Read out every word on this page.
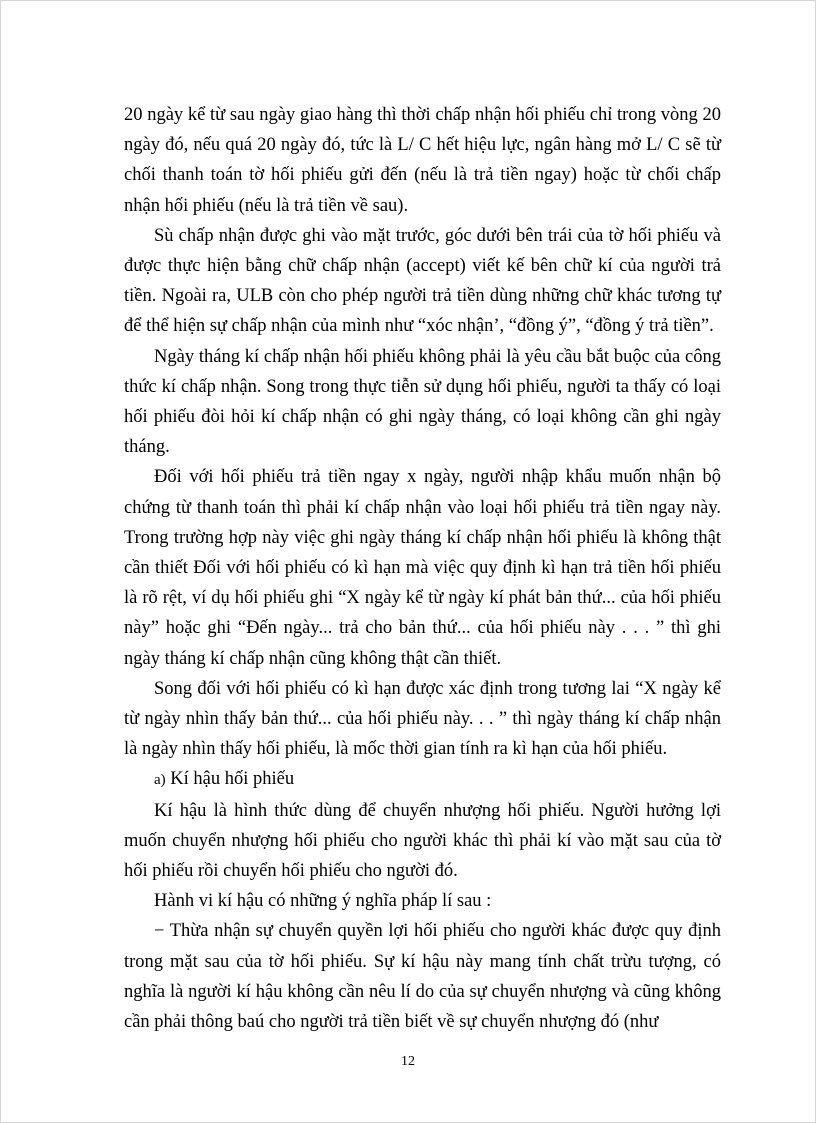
20 ngày kể từ sau ngày giao hàng thì thời chấp nhận hối phiếu chỉ trong vòng 20 ngày đó, nếu quá 20 ngày đó, tức là L/ C hết hiệu lực, ngân hàng mở L/ C sẽ từ chối thanh toán tờ hối phiếu gửi đến (nếu là trả tiền ngay) hoặc từ chối chấp nhận hối phiếu (nếu là trả tiền về sau).

Sù chấp nhận được ghi vào mặt trước, góc dưới bên trái của tờ hối phiếu và được thực hiện bằng chữ chấp nhận (accept) viết kế bên chữ kí của người trả tiền. Ngoài ra, ULB còn cho phép người trả tiền dùng những chữ khác tương tự để thể hiện sự chấp nhận của mình như “xóc nhận’, “đồng ý”, “đồng ý trả tiền”.

Ngày tháng kí chấp nhận hối phiếu không phải là yêu cầu bắt buộc của công thức kí chấp nhận. Song trong thực tiễn sử dụng hối phiếu, người ta thấy có loại hối phiếu đòi hỏi kí chấp nhận có ghi ngày tháng, có loại không cần ghi ngày tháng.

Đối với hối phiếu trả tiền ngay x ngày, người nhập khẩu muốn nhận bộ chứng từ thanh toán thì phải kí chấp nhận vào loại hối phiếu trả tiền ngay này. Trong trường hợp này việc ghi ngày tháng kí chấp nhận hối phiếu là không thật cần thiết Đối với hối phiếu có kì hạn mà việc quy định kì hạn trả tiền hối phiếu là rõ rệt, ví dụ hối phiếu ghi “X ngày kể từ ngày kí phát bản thứ... của hối phiếu này” hoặc ghi “Đến ngày... trả cho bản thứ... của hối phiếu này . . . ” thì ghi ngày tháng kí chấp nhận cũng không thật cần thiết.

Song đối với hối phiếu có kì hạn được xác định trong tương lai “X ngày kể từ ngày nhìn thấy bản thứ... của hối phiếu này. . . ” thì ngày tháng kí chấp nhận là ngày nhìn thấy hối phiếu, là mốc thời gian tính ra kì hạn của hối phiếu.

a) Kí hậu hối phiếu

Kí hậu là hình thức dùng để chuyển nhượng hối phiếu. Người hưởng lợi muốn chuyển nhượng hối phiếu cho người khác thì phải kí vào mặt sau của tờ hối phiếu rồi chuyển hối phiếu cho người đó.

Hành vi kí hậu có những ý nghĩa pháp lí sau :

− Thừa nhận sự chuyển quyền lợi hối phiếu cho người khác được quy định trong mặt sau của tờ hối phiếu. Sự kí hậu này mang tính chất trừu tượng, có nghĩa là người kí hậu không cần nêu lí do của sự chuyển nhượng và cũng không cần phải thông baú cho người trả tiền biết về sự chuyển nhượng đó (như

12
